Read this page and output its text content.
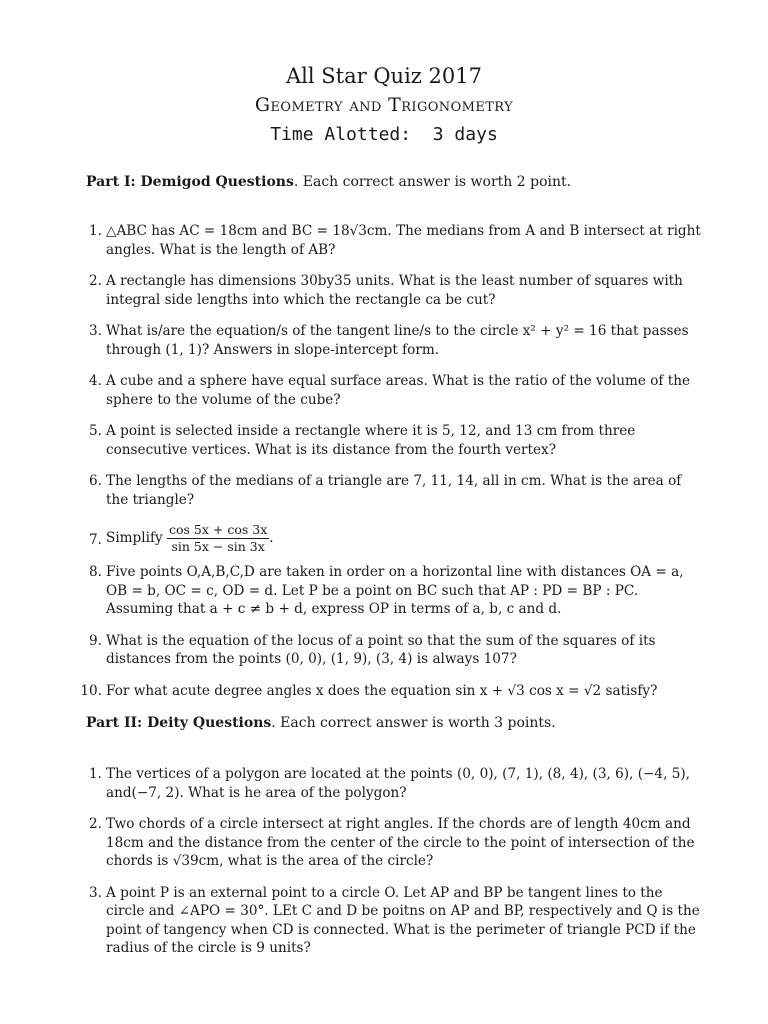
All Star Quiz 2017
Geometry and Trigonometry
Time Alotted:  3 days
Part I: Demigod Questions. Each correct answer is worth 2 point.
1. △ABC has AC = 18cm and BC = 18√3cm. The medians from A and B intersect at right angles. What is the length of AB?
2. A rectangle has dimensions 30by35 units. What is the least number of squares with integral side lengths into which the rectangle ca be cut?
3. What is/are the equation/s of the tangent line/s to the circle x² + y² = 16 that passes through (1, 1)? Answers in slope-intercept form.
4. A cube and a sphere have equal surface areas. What is the ratio of the volume of the sphere to the volume of the cube?
5. A point is selected inside a rectangle where it is 5, 12, and 13 cm from three consecutive vertices. What is its distance from the fourth vertex?
6. The lengths of the medians of a triangle are 7, 11, 14, all in cm. What is the area of the triangle?
7. Simplify $\frac{\cos 5x + \cos 3x}{\sin 5x - \sin 3x}$ .
8. Five points O,A,B,C,D are taken in order on a horizontal line with distances OA = a, OB = b, OC = c, OD = d. Let P be a point on BC such that AP : PD = BP : PC. Assuming that a + c ≠ b + d, express OP in terms of a, b, c and d.
9. What is the equation of the locus of a point so that the sum of the squares of its distances from the points (0, 0), (1, 9), (3, 4) is always 107?
10. For what acute degree angles x does the equation sin x + √3 cos x = √2 satisfy?
Part II: Deity Questions. Each correct answer is worth 3 points.
1. The vertices of a polygon are located at the points (0, 0), (7, 1), (8, 4), (3, 6), (−4, 5), and(−7, 2). What is he area of the polygon?
2. Two chords of a circle intersect at right angles. If the chords are of length 40cm and 18cm and the distance from the center of the circle to the point of intersection of the chords is √39cm, what is the area of the circle?
3. A point P is an external point to a circle O. Let AP and BP be tangent lines to the circle and ∠APO = 30°. LEt C and D be poitns on AP and BP, respectively and Q is the point of tangency when CD is connected. What is the perimeter of triangle PCD if the radius of the circle is 9 units?
